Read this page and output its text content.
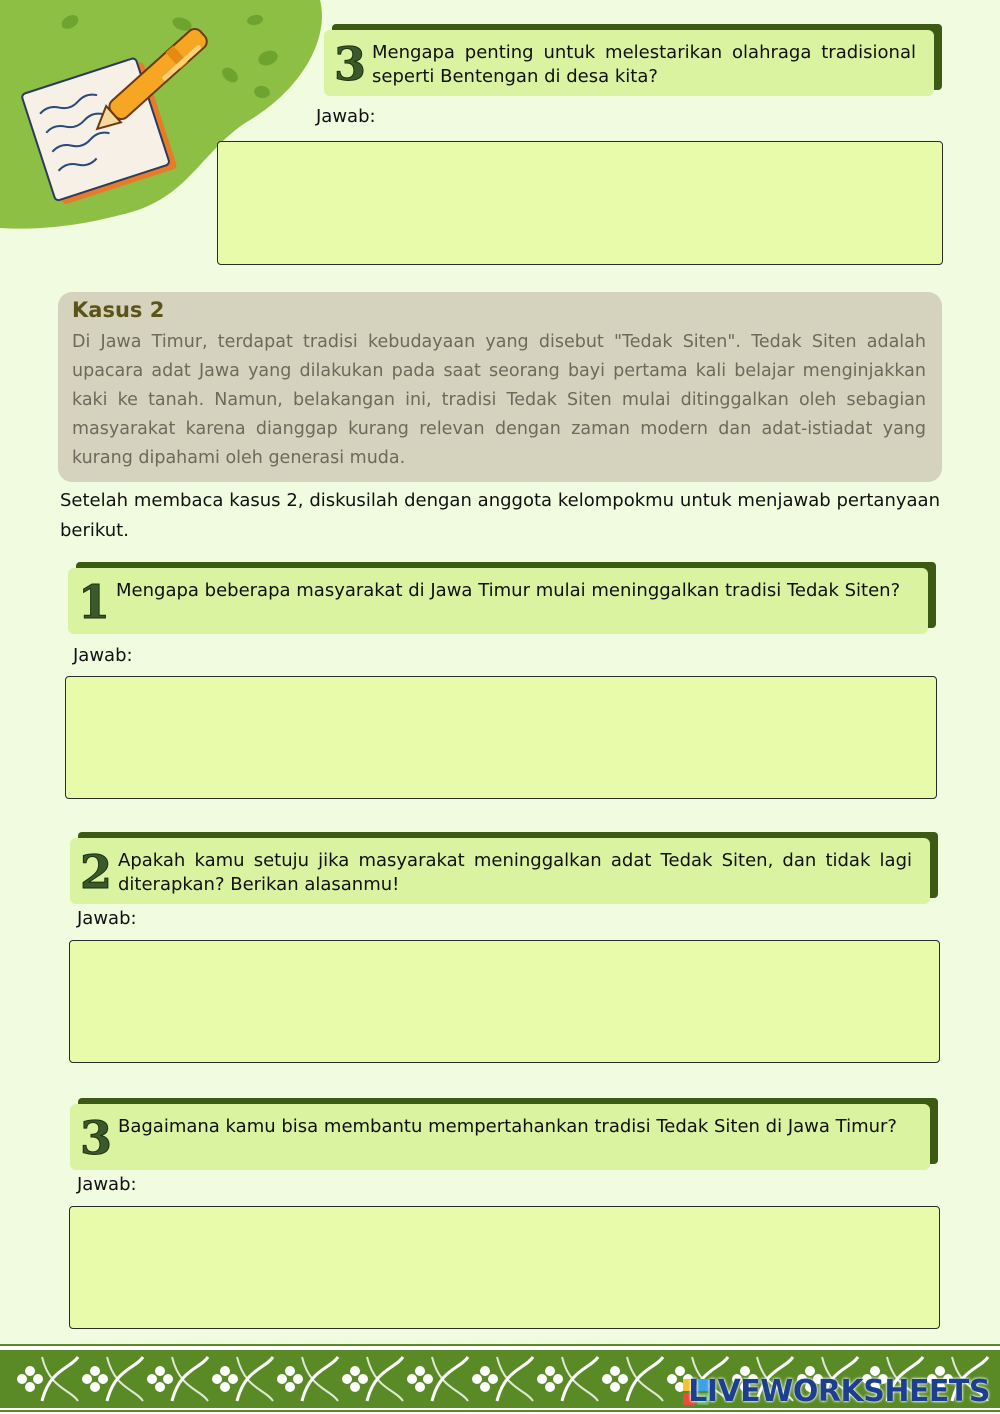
3 Mengapa penting untuk melestarikan olahraga tradisional seperti Bentengan di desa kita?
Jawab:
Kasus 2
Di Jawa Timur, terdapat tradisi kebudayaan yang disebut "Tedak Siten". Tedak Siten adalah upacara adat Jawa yang dilakukan pada saat seorang bayi pertama kali belajar menginjakkan kaki ke tanah. Namun, belakangan ini, tradisi Tedak Siten mulai ditinggalkan oleh sebagian masyarakat karena dianggap kurang relevan dengan zaman modern dan adat-istiadat yang kurang dipahami oleh generasi muda.
Setelah membaca kasus 2, diskusilah dengan anggota kelompokmu untuk menjawab pertanyaan berikut.
1 Mengapa beberapa masyarakat di Jawa Timur mulai meninggalkan tradisi Tedak Siten?
Jawab:
2 Apakah kamu setuju jika masyarakat meninggalkan adat Tedak Siten, dan tidak lagi diterapkan? Berikan alasanmu!
Jawab:
3 Bagaimana kamu bisa membantu mempertahankan tradisi Tedak Siten di Jawa Timur?
Jawab:
LIVEWORKSHEETS
